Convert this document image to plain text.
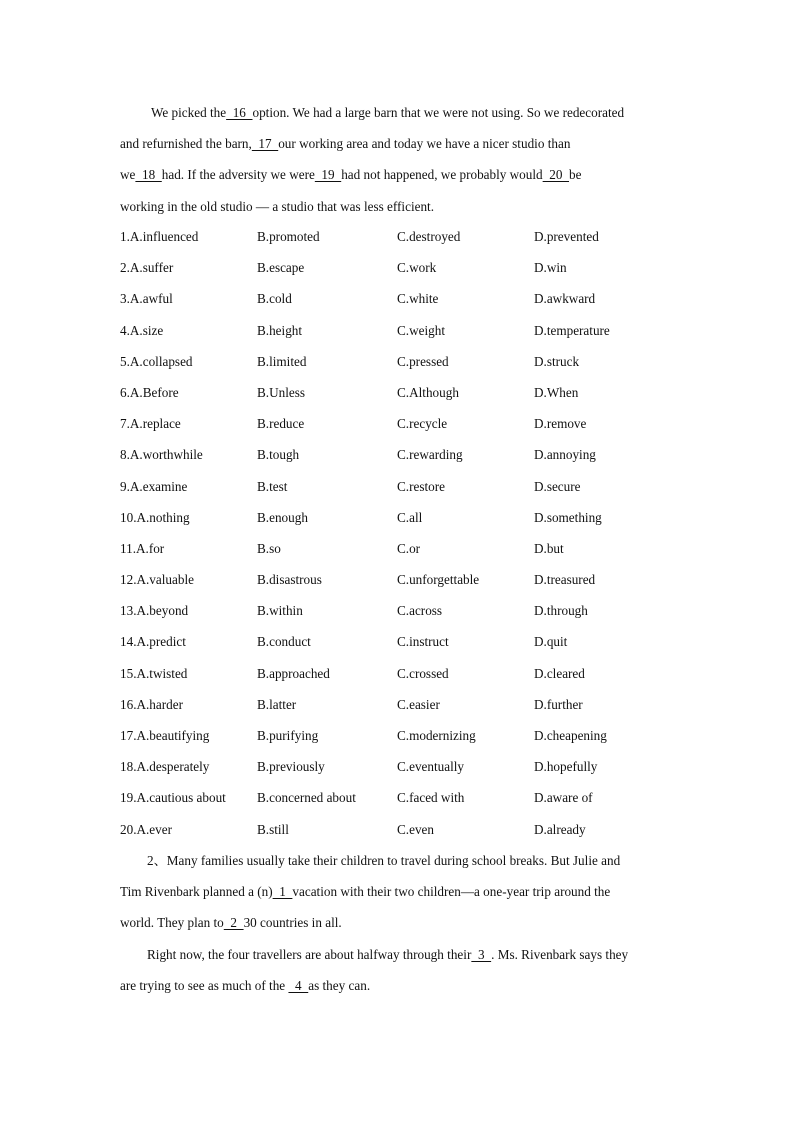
We picked the  16  option. We had a large barn that we were not using. So we redecorated
and refurnished the barn,  17  our working area and today we have a nicer studio than
we  18  had. If the adversity we were  19  had not happened, we probably would  20  be
working in the old studio — a studio that was less efficient.

1.A.influenced	B.promoted	C.destroyed	D.prevented
2.A.suffer	B.escape	C.work	D.win
3.A.awful	B.cold	C.white	D.awkward
4.A.size	B.height	C.weight	D.temperature
5.A.collapsed	B.limited	C.pressed	D.struck
6.A.Before	B.Unless	C.Although	D.When
7.A.replace	B.reduce	C.recycle	D.remove
8.A.worthwhile	B.tough	C.rewarding	D.annoying
9.A.examine	B.test	C.restore	D.secure
10.A.nothing	B.enough	C.all	D.something
11.A.for	B.so	C.or	D.but
12.A.valuable	B.disastrous	C.unforgettable	D.treasured
13.A.beyond	B.within	C.across	D.through
14.A.predict	B.conduct	C.instruct	D.quit
15.A.twisted	B.approached	C.crossed	D.cleared
16.A.harder	B.latter	C.easier	D.further
17.A.beautifying	B.purifying	C.modernizing	D.cheapening
18.A.desperately	B.previously	C.eventually	D.hopefully
19.A.cautious about B.concerned about	C.faced with	D.aware of
20.A.ever	B.still	C.even	D.already

2、Many families usually take their children to travel during school breaks. But Julie and
Tim Rivenbark planned a (n)  1  vacation with their two children—a one-year trip around the
world. They plan to  2  30 countries in all.
Right now, the four travellers are about halfway through their  3  . Ms. Rivenbark says they
are trying to see as much of the   4  as they can.
